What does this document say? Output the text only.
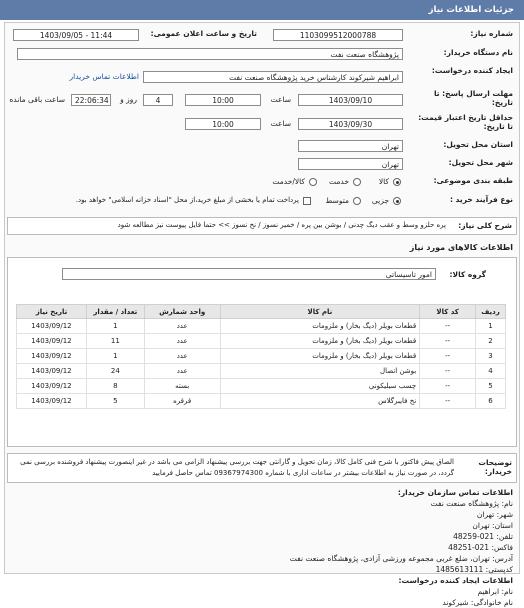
جزئیات اطلاعات نیاز
شماره نیاز:
1103099512000788
تاریخ و ساعت اعلان عمومی:
1403/09/05 - 11:44
نام دستگاه خریدار:
پژوهشگاه صنعت نفت
ایجاد کننده درخواست:
ابراهیم شیرکوند کارشناس خرید پژوهشگاه صنعت نفت
اطلاعات تماس خریدار
مهلت ارسال پاسخ: تا تاریخ:
1403/09/10
ساعت
10:00
4
روز و
22:06:34
ساعت باقی مانده
حداقل تاریخ اعتبار قیمت: تا تاریخ:
1403/09/30
ساعت
10:00
استان محل تحویل:
تهران
شهر محل تحویل:
تهران
طبقه بندی موضوعی:
کالا
خدمت
کالا/خدمت
نوع فرآیند خرید :
جزیی
متوسط
پرداخت تمام یا بخشی از مبلغ خرید،از محل "اسناد خزانه اسلامی" خواهد بود.
شرح کلی نیاز:
پره حلزو وسط و عقب دیگ چدنی / بوشن بین پره / خمیر نسوز / نخ نسوز >> حتما فایل پیوست نیز مطالعه شود
اطلاعات کالاهای مورد نیاز
گروه کالا:
امور تاسیساتی
ردیف	کد کالا	نام کالا	واحد شمارش	تعداد / مقدار	تاریخ نیاز
1	--	قطعات بویلر (دیگ بخار) و ملزومات	عدد	1	1403/09/12
2	--	قطعات بویلر (دیگ بخار) و ملزومات	عدد	11	1403/09/12
3	--	قطعات بویلر (دیگ بخار) و ملزومات	عدد	1	1403/09/12
4	--	بوشن اتصال	عدد	24	1403/09/12
5	--	چسب سیلیکونی	بسته	8	1403/09/12
6	--	نخ فایبرگلاس	قرقره	5	1403/09/12
توضیحات خریدار:
الصاق پیش فاکتور با شرح فنی کامل کالا، زمان تحویل و گارانتی جهت بررسی پیشنهاد الزامی می باشد در غیر اینصورت پیشنهاد فروشنده بررسی نمی گردد، در صورت نیاز به اطلاعات بیشتر در ساعات اداری با شماره 09367974300 تماس حاصل فرمایید
اطلاعات تماس سازمان خریدار:
نام: پژوهشگاه صنعت نفت
شهر: تهران
استان: تهران
تلفن: 021-48259
فاکس: 021-48251
آدرس: تهران، ضلع غربی مجموعه ورزشی آزادی، پژوهشگاه صنعت نفت
کدپستی: 1485613111
اطلاعات ایجاد کننده درخواست:
نام: ابراهیم
نام خانوادگی: شیرکوند
